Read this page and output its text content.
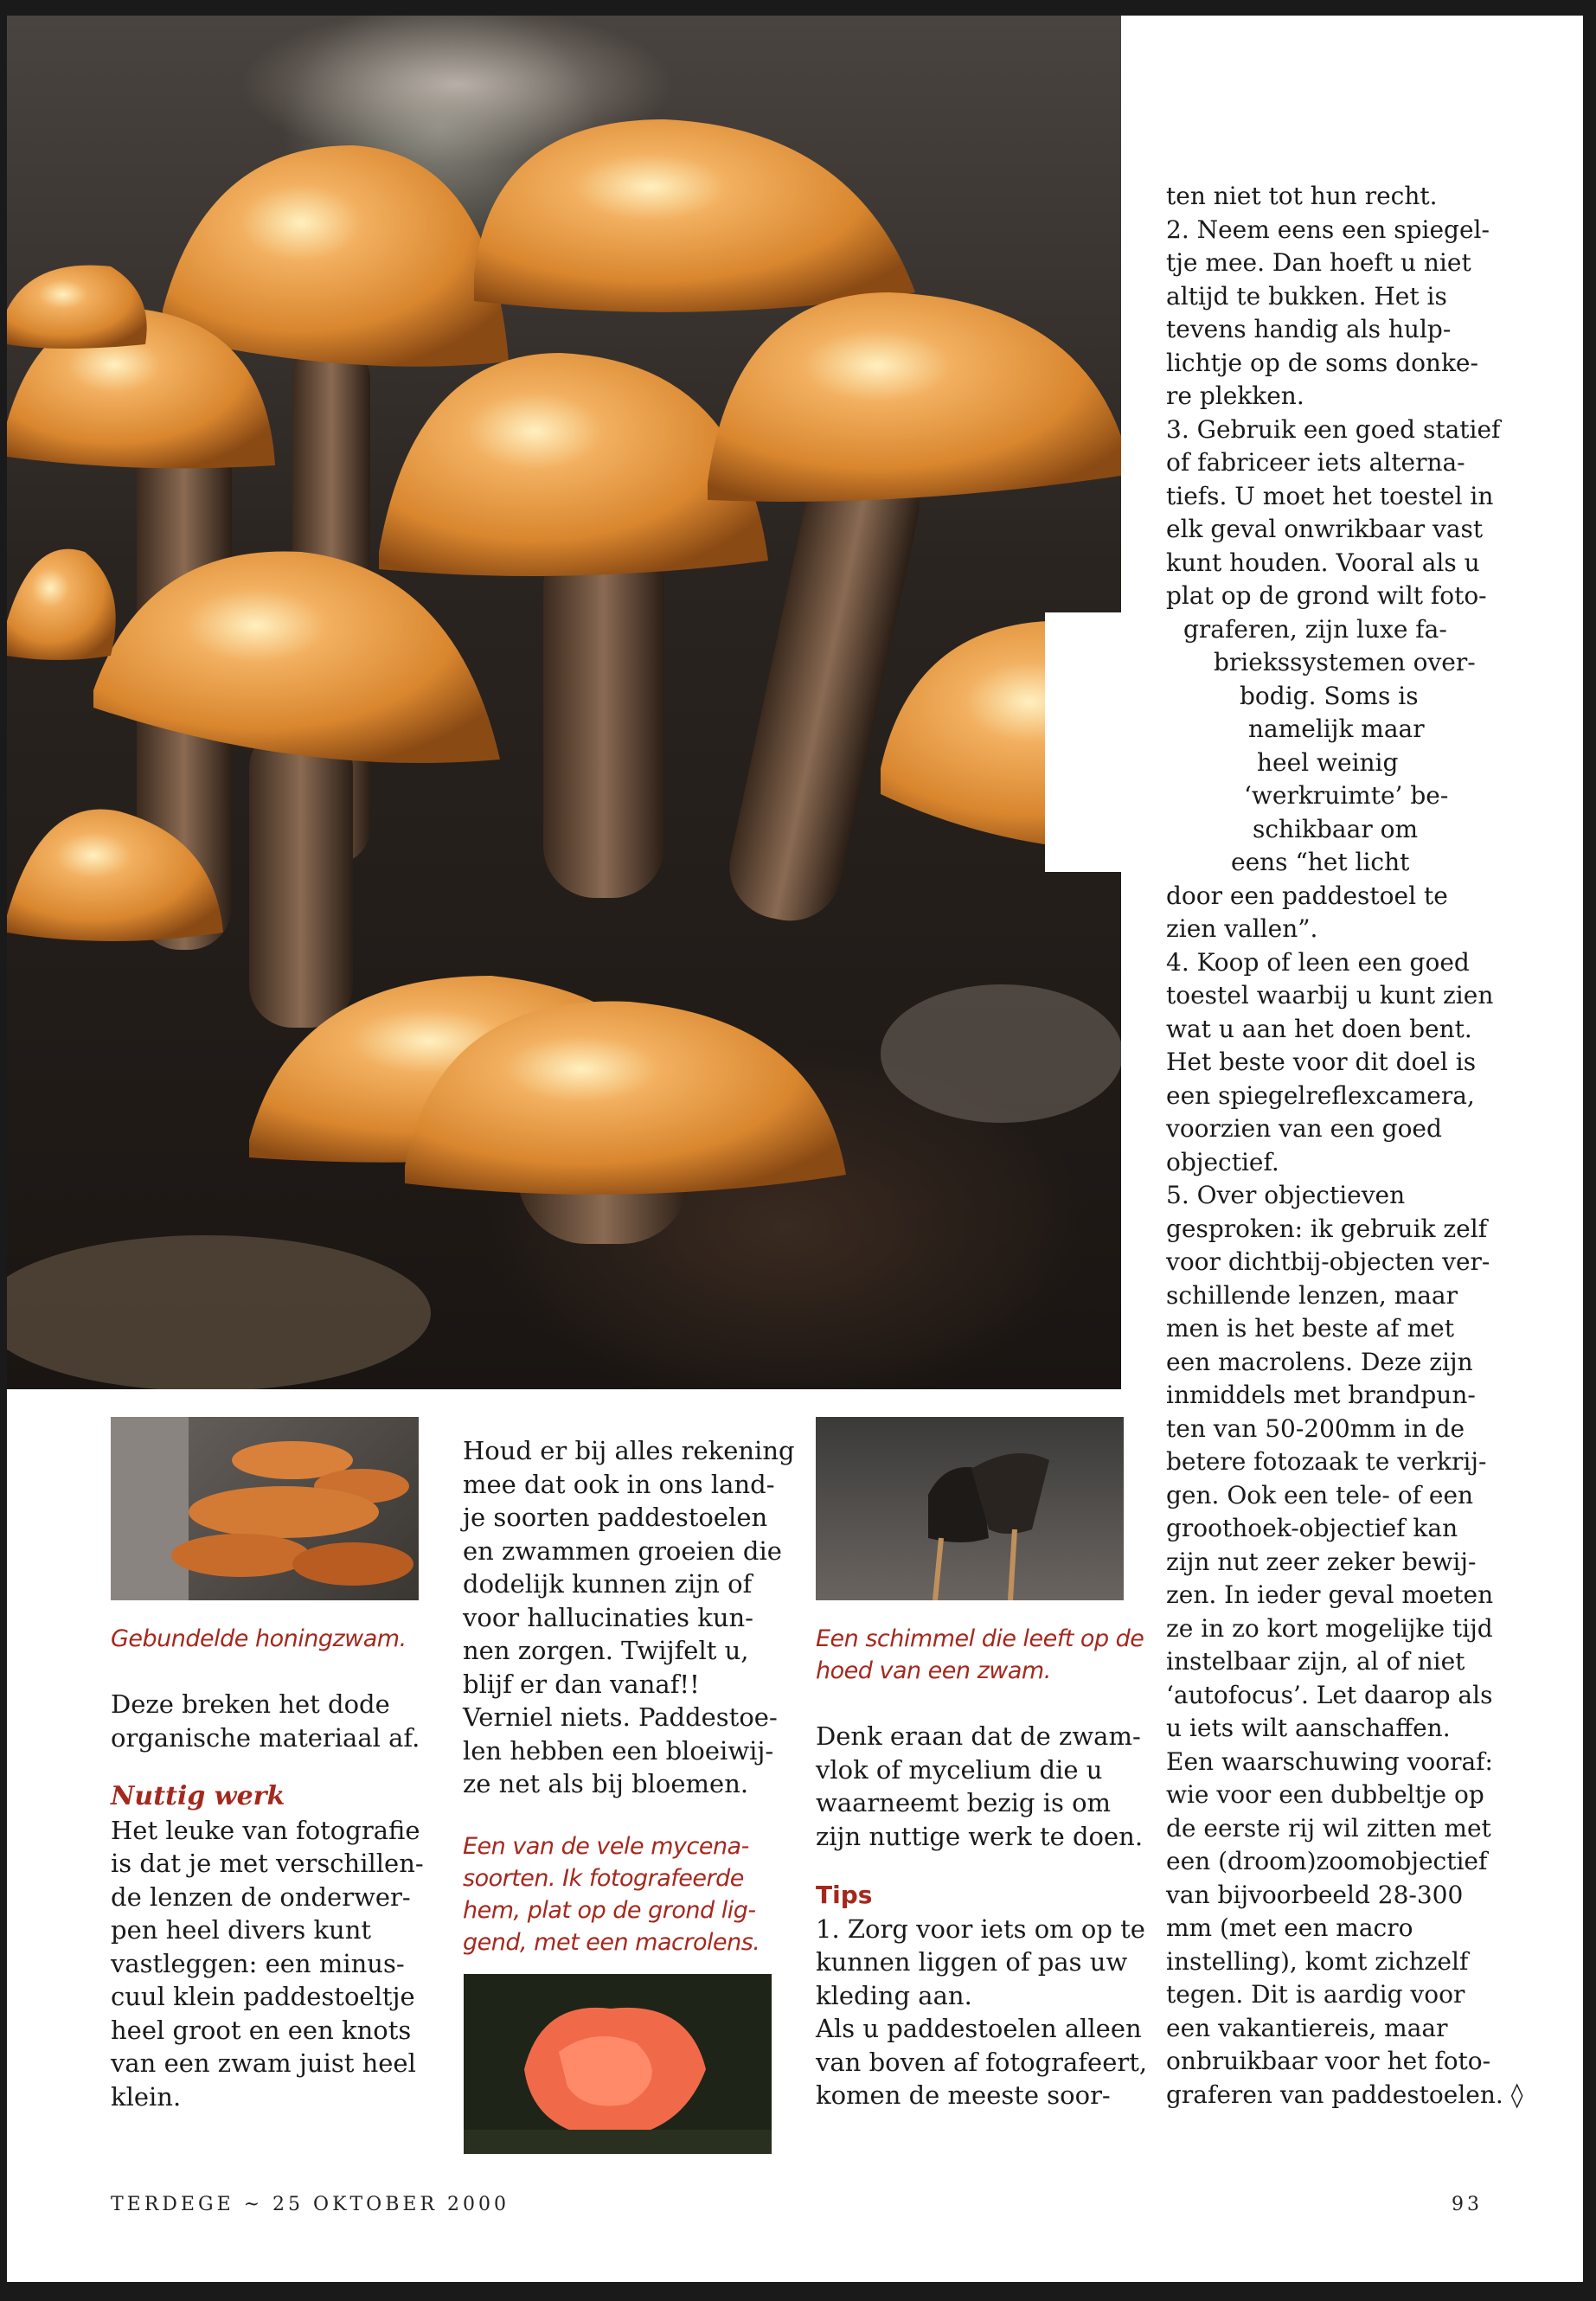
ten niet tot hun recht.
2. Neem eens een spiegel-
tje mee. Dan hoeft u niet
altijd te bukken. Het is
tevens handig als hulp-
lichtje op de soms donke-
re plekken.
3. Gebruik een goed statief
of fabriceer iets alterna-
tiefs. U moet het toestel in
elk geval onwrikbaar vast
kunt houden. Vooral als u
plat op de grond wilt foto-
graferen, zijn luxe fa-
briekssystemen over-
bodig. Soms is
namelijk maar
heel weinig
‘werkruimte’ be-
schikbaar om
eens “het licht
door een paddestoel te
zien vallen”.
4. Koop of leen een goed
toestel waarbij u kunt zien
wat u aan het doen bent.
Het beste voor dit doel is
een spiegelreflexcamera,
voorzien van een goed
objectief.
5. Over objectieven
gesproken: ik gebruik zelf
voor dichtbij-objecten ver-
schillende lenzen, maar
men is het beste af met
een macrolens. Deze zijn
inmiddels met brandpun-
ten van 50-200mm in de
betere fotozaak te verkrij-
gen. Ook een tele- of een
groothoek-objectief kan
zijn nut zeer zeker bewij-
zen. In ieder geval moeten
ze in zo kort mogelijke tijd
instelbaar zijn, al of niet
‘autofocus’. Let daarop als
u iets wilt aanschaffen.
Een waarschuwing vooraf:
wie voor een dubbeltje op
de eerste rij wil zitten met
een (droom)zoomobjectief
van bijvoorbeeld 28-300
mm (met een macro
instelling), komt zichzelf
tegen. Dit is aardig voor
een vakantiereis, maar
onbruikbaar voor het foto-
graferen van paddestoelen. ◊

Gebundelde honingzwam.

Deze breken het dode
organische materiaal af.

Nuttig werk

Het leuke van fotografie
is dat je met verschillen-
de lenzen de onderwer-
pen heel divers kunt
vastleggen: een minus-
cuul klein paddestoeltje
heel groot en een knots
van een zwam juist heel
klein.
Houd er bij alles rekening
mee dat ook in ons land-
je soorten paddestoelen
en zwammen groeien die
dodelijk kunnen zijn of
voor hallucinaties kun-
nen zorgen. Twijfelt u,
blijf er dan vanaf!!
Verniel niets. Paddestoe-
len hebben een bloeiwij-
ze net als bij bloemen.
Een van de vele mycena-
soorten. Ik fotografeerde
hem, plat op de grond lig-
gend, met een macrolens.
Een schimmel die leeft op de
hoed van een zwam.
Denk eraan dat de zwam-
vlok of mycelium die u
waarneemt bezig is om
zijn nuttige werk te doen.

Tips

1. Zorg voor iets om op te
kunnen liggen of pas uw
kleding aan.
Als u paddestoelen alleen
van boven af fotografeert,
komen de meeste soor-
TERDEGE ~ 25 OKTOBER 2000	93
